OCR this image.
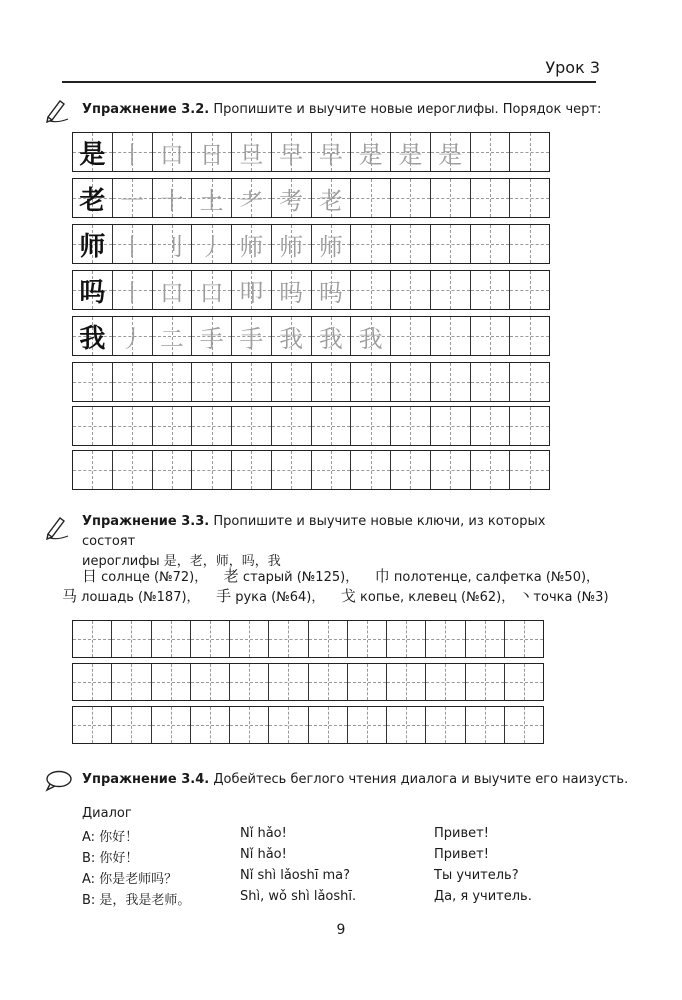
Урок 3
Упражнение 3.2. Пропишите и выучите новые иероглифы. Порядок черт:
是 丨 口 日 旦 早 早 是 是 是
老 一 十 土 耂 考 老
师 丨 刂 丿 师 师 师
吗 丨 口 口 叩 吗 吗
我 丿 二 手 手 我 我 我
Упражнение 3.3. Пропишите и выучите новые ключи, из которых состоят
иероглифы 是，老，师，吗，我
日 солнце (№72)， 老 старый (№125)， 巾 полотенце, салфетка (№50)，
马 лошадь (№187)， 手 рука (№64)， 戈 копье, клевец (№62)， 丶точка (№3)
Упражнение 3.4. Добейтесь беглого чтения диалога и выучите его наизусть.
Диалог
A: 你好！	Nǐ hǎo!	Привет!
B: 你好！	Nǐ hǎo!	Привет!
A: 你是老师吗？	Nǐ shì lǎoshī ma?	Ты учитель?
B: 是，我是老师。	Shì, wǒ shì lǎoshī.	Да, я учитель.
9
